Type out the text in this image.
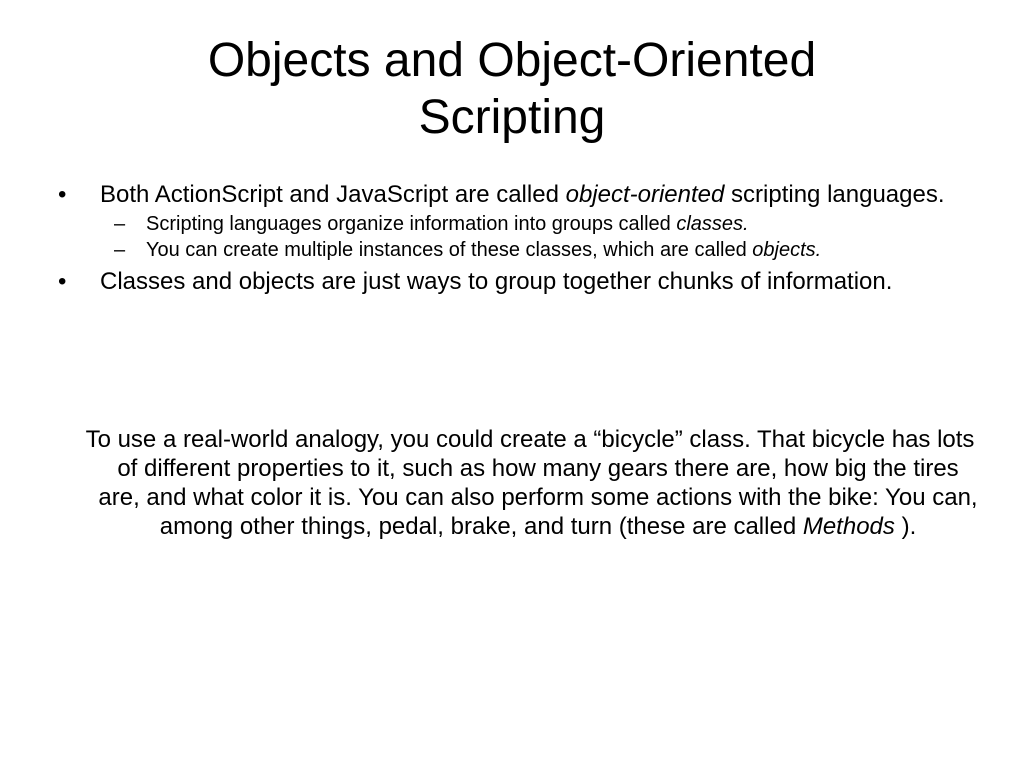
Objects and Object-Oriented
Scripting
• Both ActionScript and JavaScript are called object-oriented scripting languages.
– Scripting languages organize information into groups called classes.
– You can create multiple instances of these classes, which are called objects.
• Classes and objects are just ways to group together chunks of information.

To use a real-world analogy, you could create a “bicycle” class. That bicycle has lots of different properties to it, such as how many gears there are, how big the tires are, and what color it is. You can also perform some actions with the bike: You can, among other things, pedal, brake, and turn (these are called Methods ).
